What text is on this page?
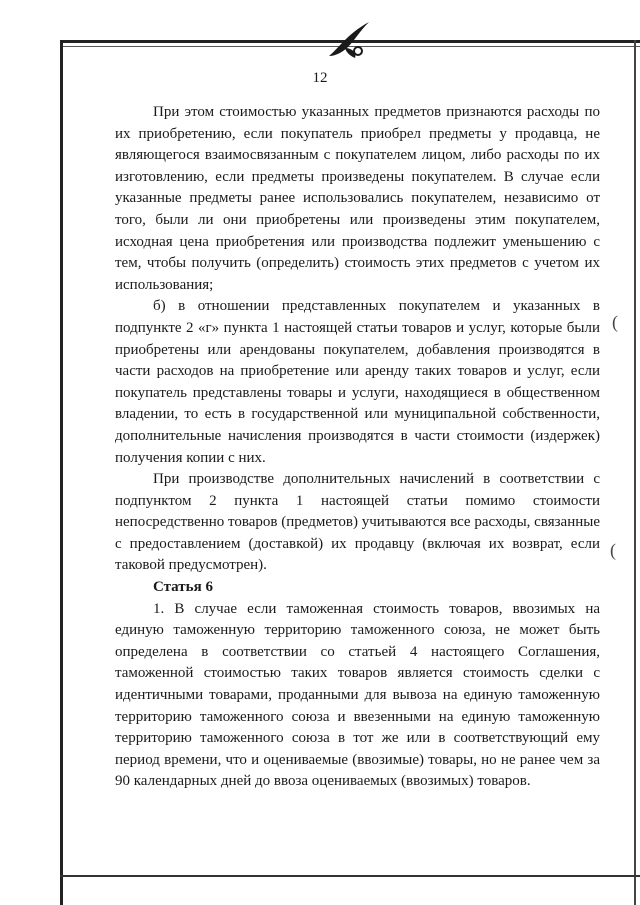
12

При этом стоимостью указанных предметов признаются расходы по их приобретению, если покупатель приобрел предметы у продавца, не являющегося взаимосвязанным с покупателем лицом, либо расходы по их изготовлению, если предметы произведены покупателем. В случае если указанные предметы ранее использовались покупателем, независимо от того, были ли они приобретены или произведены этим покупателем, исходная цена приобретения или производства подлежит уменьшению с тем, чтобы получить (определить) стоимость этих предметов с учетом их использования;

б) в отношении представленных покупателем и указанных в подпункте 2 «г» пункта 1 настоящей статьи товаров и услуг, которые были приобретены или арендованы покупателем, добавления производятся в части расходов на приобретение или аренду таких товаров и услуг, если покупатель представлены товары и услуги, находящиеся в общественном владении, то есть в государственной или муниципальной собственности, дополнительные начисления производятся в части стоимости (издержек) получения копии с них.

При производстве дополнительных начислений в соответствии с подпунктом 2 пункта 1 настоящей статьи помимо стоимости непосредственно товаров (предметов) учитываются все расходы, связанные с предоставлением (доставкой) их продавцу (включая их возврат, если таковой предусмотрен).

Статья 6

1. В случае если таможенная стоимость товаров, ввозимых на единую таможенную территорию таможенного союза, не может быть определена в соответствии со статьей 4 настоящего Соглашения, таможенной стоимостью таких товаров является стоимость сделки с идентичными товарами, проданными для вывоза на единую таможенную территорию таможенного союза и ввезенными на единую таможенную территорию таможенного союза в тот же или в соответствующий ему период времени, что и оцениваемые (ввозимые) товары, но не ранее чем за 90 календарных дней до ввоза оцениваемых (ввозимых) товаров.

(
(
